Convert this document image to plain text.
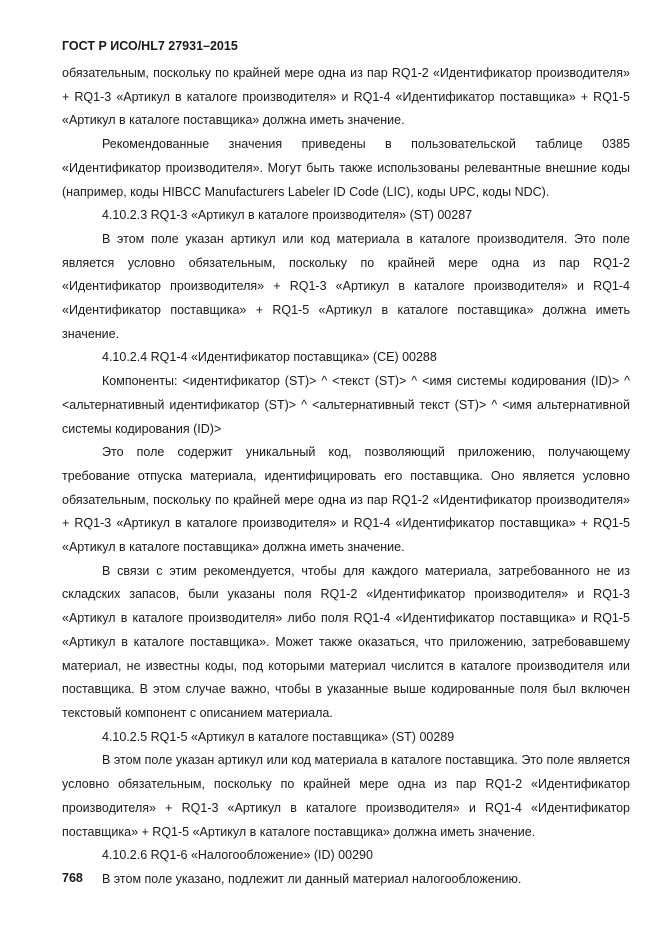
ГОСТ Р ИСО/HL7 27931–2015

обязательным, поскольку по крайней мере одна из пар RQ1-2 «Идентификатор производителя» + RQ1-3 «Артикул в каталоге производителя» и RQ1-4 «Идентификатор поставщика» + RQ1-5 «Артикул в каталоге поставщика» должна иметь значение.

Рекомендованные значения приведены в пользовательской таблице 0385 «Идентификатор производителя». Могут быть также использованы релевантные внешние коды (например, коды HIBCC Manufacturers Labeler ID Code (LIC), коды UPC, коды NDC).

4.10.2.3 RQ1-3 «Артикул в каталоге производителя» (ST) 00287

В этом поле указан артикул или код материала в каталоге производителя. Это поле является условно обязательным, поскольку по крайней мере одна из пар RQ1-2 «Идентификатор производителя» + RQ1-3 «Артикул в каталоге производителя» и RQ1-4 «Идентификатор поставщика» + RQ1-5 «Артикул в каталоге поставщика» должна иметь значение.

4.10.2.4 RQ1-4 «Идентификатор поставщика» (CE) 00288

Компоненты: <идентификатор (ST)> ^ <текст (ST)> ^ <имя системы кодирования (ID)> ^ <альтернативный идентификатор (ST)> ^ <альтернативный текст (ST)> ^ <имя альтернативной системы кодирования (ID)>

Это поле содержит уникальный код, позволяющий приложению, получающему требование отпуска материала, идентифицировать его поставщика. Оно является условно обязательным, поскольку по крайней мере одна из пар RQ1-2 «Идентификатор производителя» + RQ1-3 «Артикул в каталоге производителя» и RQ1-4 «Идентификатор поставщика» + RQ1-5 «Артикул в каталоге поставщика» должна иметь значение.

В связи с этим рекомендуется, чтобы для каждого материала, затребованного не из складских запасов, были указаны поля RQ1-2 «Идентификатор производителя» и RQ1-3 «Артикул в каталоге производителя» либо поля RQ1-4 «Идентификатор поставщика» и RQ1-5 «Артикул в каталоге поставщика». Может также оказаться, что приложению, затребовавшему материал, не известны коды, под которыми материал числится в каталоге производителя или поставщика. В этом случае важно, чтобы в указанные выше кодированные поля был включен текстовый компонент с описанием материала.

4.10.2.5 RQ1-5 «Артикул в каталоге поставщика» (ST) 00289

В этом поле указан артикул или код материала в каталоге поставщика. Это поле является условно обязательным, поскольку по крайней мере одна из пар RQ1-2 «Идентификатор производителя» + RQ1-3 «Артикул в каталоге производителя» и RQ1-4 «Идентификатор поставщика» + RQ1-5 «Артикул в каталоге поставщика» должна иметь значение.

4.10.2.6 RQ1-6 «Налогообложение» (ID) 00290

В этом поле указано, подлежит ли данный материал налогообложению.

768
